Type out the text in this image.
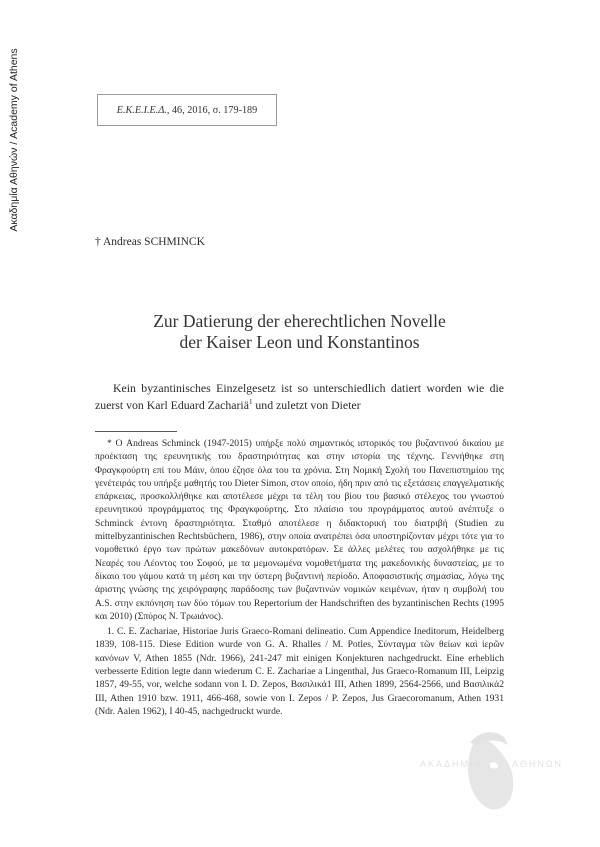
Ακαδημία Αθηνών / Academy of Athens	Ε.Κ.Ε.Ι.Ε.Δ. , 46, 2016, σ. 179-189
† Andreas SCHMINCK
Zur Datierung der eherechtlichen Novelle
der Kaiser Leon und Konstantinos

Kein byzantinisches Einzelgesetz ist so unterschiedlich datiert worden wie die zuerst von Karl Eduard Zachariä$^1$ und zuletzt von Dieter

* Ο Andreas Schminck (1947-2015) υπήρξε πολύ σημαντικός ιστορικός του βυζαντινού δικαίου με προέκταση της ερευνητικής του δραστηριότητας και στην ιστορία της τέχνης. Γεννήθηκε στη Φραγκφούρτη επί του Μάιν, όπου έζησε όλα του τα χρόνια. Στη Νομική Σχολή του Πανεπιστημίου της γενέτειράς του υπήρξε μαθητής του Dieter Simon, στον οποίο, ήδη πριν από τις εξετάσεις επαγγελματικής επάρκειας, προσκολλήθηκε και αποτέλεσε μέχρι τα τέλη του βίου του βασικό στέλεχος του γνωστού ερευνητικού προγράμματος της Φραγκφούρτης. Στο πλαίσιο του προγράμματος αυτού ανέπτυξε ο Schminck έντονη δραστηριότητα. Σταθμό αποτέλεσε η διδακτορική του διατριβή (Studien zu mittelbyzantinischen Rechtsbüchern, 1986), στην οποία ανατρέπει όσα υποστηρίζονταν μέχρι τότε για το νομοθετικό έργο των πρώτων μακεδόνων αυτοκρατόρων. Σε άλλες μελέτες του ασχολήθηκε με τις Νεαρές του Λέοντος του Σοφού, με τα μεμονωμένα νομοθετήματα της μακεδονικής δυναστείας, με το δίκαιο του γάμου κατά τη μέση και την ύστερη βυζαντινή περίοδο. Αποφασιστικής σημασίας, λόγω της άριστης γνώσης της χειρόγραφης παράδοσης των βυζαντινών νομικών κειμένων, ήταν η συμβολή του A.S. στην εκπόνηση των δύο τόμων του Repertorium der Handschriften des byzantinischen Rechts (1995 και 2010) (Σπύρος Ν. Τρωιάνος).

1. C. E. Zachariae, Historiae Juris Graeco-Romani delineatio. Cum Appendice Ineditorum, Heidelberg 1839, 108-115. Diese Edition wurde von G. A. Rhalles / M. Potles, Σύνταγμα τῶν θείων καὶ ἱερῶν κανόνων V, Athen 1855 (Ndr. 1966), 241-247 mit einigen Konjekturen nachgedruckt. Eine erheblich verbesserte Edition legte dann wiederum C. E. Zachariae a Lingenthal, Jus Graeco-Romanum III, Leipzig 1857, 49-55, vor, welche sodann von I. D. Zepos, Βασιλικά1 III, Athen 1899, 2564-2566, und Βασιλικά2 III, Athen 1910 bzw. 1911, 466-468, sowie von I. Zepos / P. Zepos, Jus Graecoromanum, Athen 1931 (Ndr. Aalen 1962), I 40-45, nachgedruckt wurde.

ΑΚΑΔΗΜΙΑ	ΑΘΗΝΩΝ
